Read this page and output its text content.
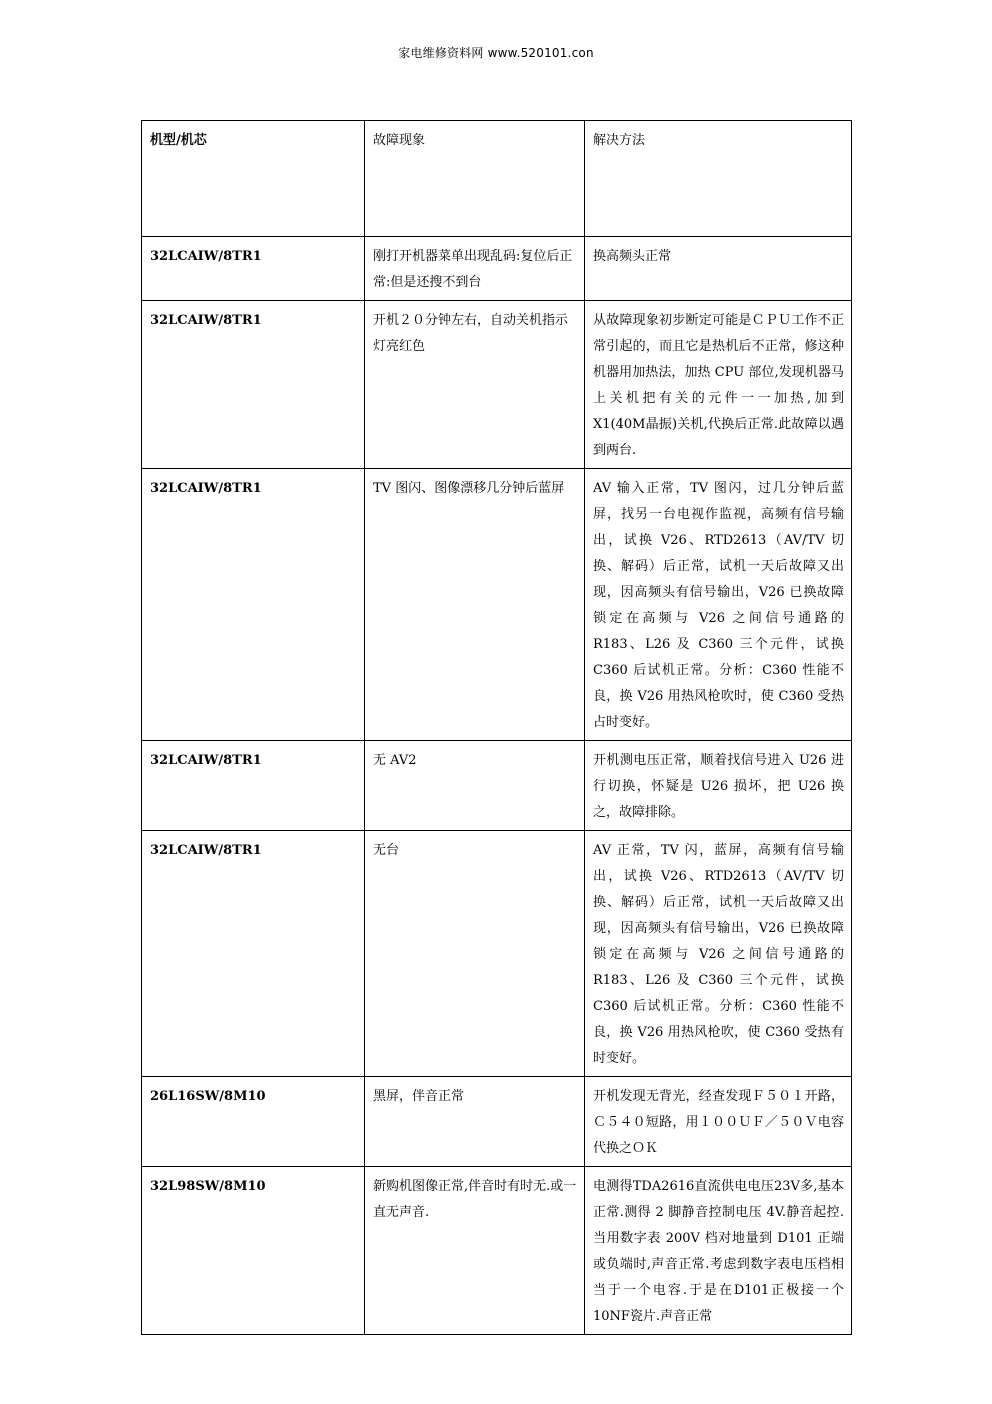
家电维修资料网 www.520101.con
机型/机芯	故障现象	解决方法
32LCAIW/8TR1	刚打开机器菜单出现乱码:复位后正常:但是还搜不到台	换高频头正常
32LCAIW/8TR1	开机２０分钟左右，自动关机指示灯亮红色	从故障现象初步断定可能是ＣＰＵ工作不正常引起的，而且它是热机后不正常，修这种机器用加热法，加热 CPU 部位,发现机器马上关机把有关的元件一一加热,加到X1(40M晶振)关机,代换后正常.此故障以遇到两台.
32LCAIW/8TR1	TV 图闪、图像漂移几分钟后蓝屏	AV 输入正常，TV 图闪，过几分钟后蓝屏，找另一台电视作监视，高频有信号输出，试换 V26、RTD2613（AV/TV 切换、解码）后正常，试机一天后故障又出现，因高频头有信号输出，V26 已换故障锁定在高频与 V26 之间信号通路的 R183、L26 及 C360 三个元件，试换 C360 后试机正常。分析：C360 性能不良，换 V26 用热风枪吹时，使 C360 受热占时变好。
32LCAIW/8TR1	无 AV2	开机测电压正常，顺着找信号进入 U26 进行切换，怀疑是 U26 损坏，把 U26 换之，故障排除。
32LCAIW/8TR1	无台	AV 正常，TV 闪，蓝屏，高频有信号输出，试换 V26、RTD2613（AV/TV 切换、解码）后正常，试机一天后故障又出现，因高频头有信号输出，V26 已换故障锁定在高频与 V26 之间信号通路的 R183、L26 及 C360 三个元件，试换 C360 后试机正常。分析：C360 性能不良，换 V26 用热风枪吹，使 C360 受热有时变好。
26L16SW/8M10	黑屏，伴音正常	开机发现无背光，经查发现Ｆ５０１开路，Ｃ５４０短路，用１００ＵＦ／５０Ｖ电容代换之ＯＫ
32L98SW/8M10	新购机图像正常,伴音时有时无.或一直无声音.	电测得TDA2616直流供电电压23V多,基本正常.测得 2 脚静音控制电压 4V.静音起控.当用数字表 200V 档对地量到 D101 正端或负端时,声音正常.考虑到数字表电压档相当于一个电容.于是在D101正极接一个10NF瓷片.声音正常
